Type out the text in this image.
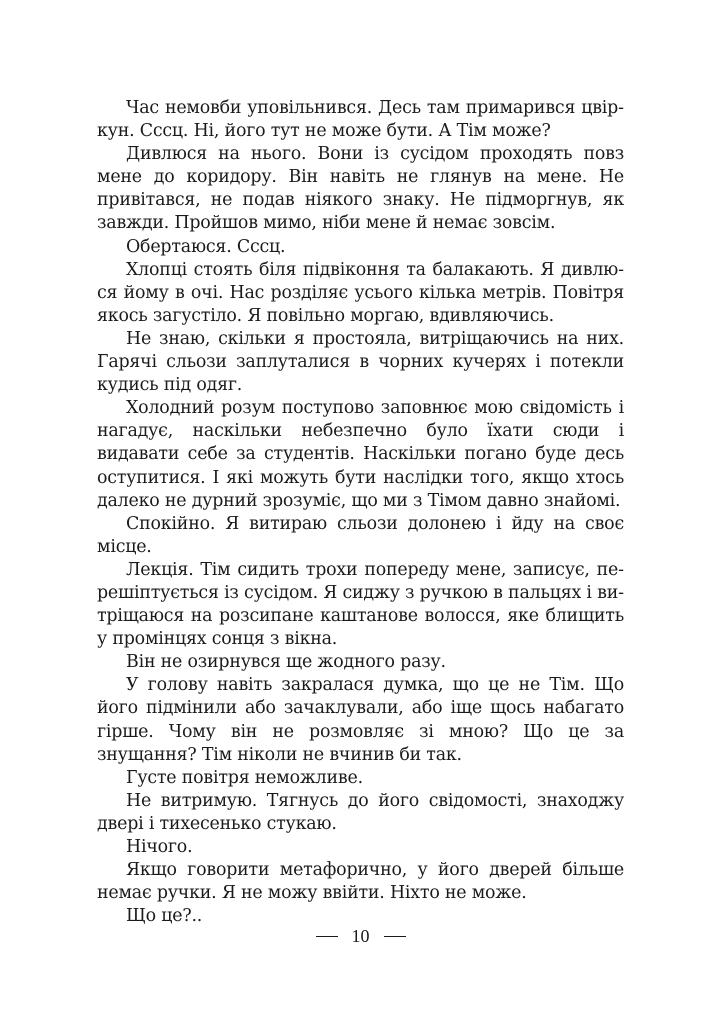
Час немовби уповільнився. Десь там примарився цвіркун. Сссц. Ні, його тут не може бути. А Тім може?

Дивлюся на нього. Вони із сусідом проходять повз мене до коридору. Він навіть не глянув на мене. Не привітався, не подав ніякого знаку. Не підморгнув, як завжди. Пройшов мимо, ніби мене й немає зовсім.

Обертаюся. Сссц.

Хлопці стоять біля підвіконня та балакають. Я дивлюся йому в очі. Нас розділяє усього кілька метрів. Повітря якось загустіло. Я повільно моргаю, вдивляючись.

Не знаю, скільки я простояла, витріщаючись на них. Гарячі сльози заплуталися в чорних кучерях і потекли кудись під одяг.

Холодний розум поступово заповнює мою свідомість і нагадує, наскільки небезпечно було їхати сюди і видавати себе за студентів. Наскільки погано буде десь оступитися. І які можуть бути наслідки того, якщо хтось далеко не дурний зрозуміє, що ми з Тімом давно знайомі.

Спокійно. Я витираю сльози долонею і йду на своє місце.

Лекція. Тім сидить трохи попереду мене, записує, перешіптується із сусідом. Я сиджу з ручкою в пальцях і витріщаюся на розсипане каштанове волосся, яке блищить у промінцях сонця з вікна.

Він не озирнувся ще жодного разу.

У голову навіть закралася думка, що це не Тім. Що його підмінили або зачаклували, або іще щось набагато гірше. Чому він не розмовляє зі мною? Що це за знущання? Тім ніколи не вчинив би так.

Густе повітря неможливе.

Не витримую. Тягнусь до його свідомості, знаходжу двері і тихесенько стукаю.

Нічого.

Якщо говорити метафорично, у його дверей більше немає ручки. Я не можу ввійти. Ніхто не може.

Що це?..

10
